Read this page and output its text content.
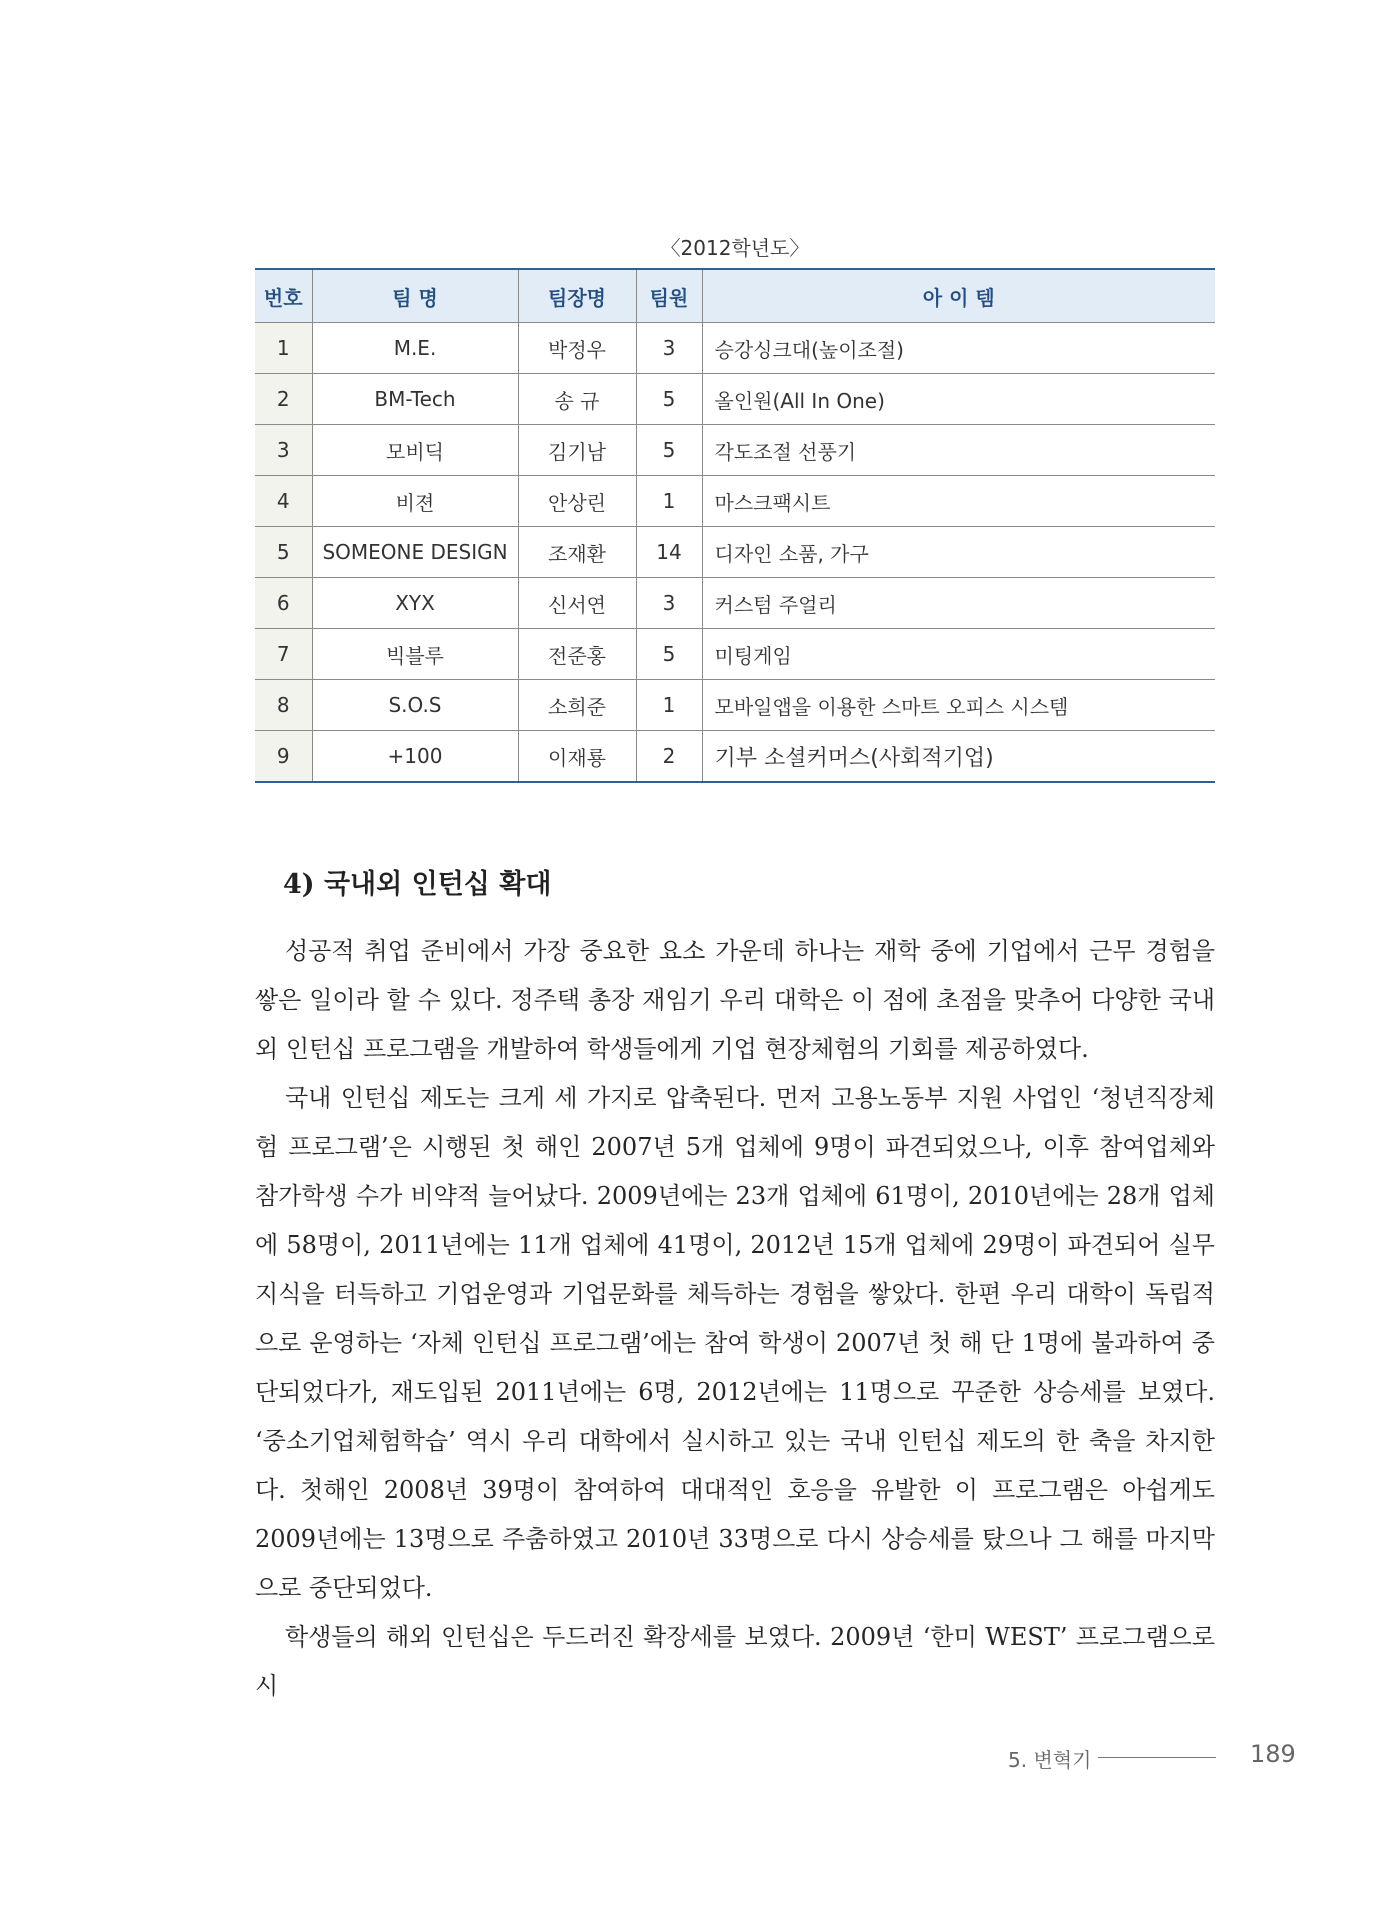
〈2012학년도〉
번호	팀 명	팀장명	팀원	아 이 템
1	M.E.	박정우	3	승강싱크대(높이조절)
2	BM-Tech	송 규	5	올인원(All In One)
3	모비딕	김기남	5	각도조절 선풍기
4	비젼	안상린	1	마스크팩시트
5	SOMEONE DESIGN	조재환	14	디자인 소품, 가구
6	XYX	신서연	3	커스텀 주얼리
7	빅블루	전준홍	5	미팅게임
8	S.O.S	소희준	1	모바일앱을 이용한 스마트 오피스 시스템
9	+100	이재룡	2	기부 소셜커머스(사회적기업)
4) 국내외 인턴십 확대

성공적 취업 준비에서 가장 중요한 요소 가운데 하나는 재학 중에 기업에서 근무 경험을 쌓은 일이라 할 수 있다. 정주택 총장 재임기 우리 대학은 이 점에 초점을 맞추어 다양한 국내외 인턴십 프로그램을 개발하여 학생들에게 기업 현장체험의 기회를 제공하였다.

국내 인턴십 제도는 크게 세 가지로 압축된다. 먼저 고용노동부 지원 사업인 ‘청년직장체험 프로그램’은 시행된 첫 해인 2007년 5개 업체에 9명이 파견되었으나, 이후 참여업체와 참가학생 수가 비약적 늘어났다. 2009년에는 23개 업체에 61명이, 2010년에는 28개 업체에 58명이, 2011년에는 11개 업체에 41명이, 2012년 15개 업체에 29명이 파견되어 실무지식을 터득하고 기업운영과 기업문화를 체득하는 경험을 쌓았다. 한편 우리 대학이 독립적으로 운영하는 ‘자체 인턴십 프로그램’에는 참여 학생이 2007년 첫 해 단 1명에 불과하여 중단되었다가, 재도입된 2011년에는 6명, 2012년에는 11명으로 꾸준한 상승세를 보였다. ‘중소기업체험학습’ 역시 우리 대학에서 실시하고 있는 국내 인턴십 제도의 한 축을 차지한다. 첫해인 2008년 39명이 참여하여 대대적인 호응을 유발한 이 프로그램은 아쉽게도 2009년에는 13명으로 주춤하였고 2010년 33명으로 다시 상승세를 탔으나 그 해를 마지막으로 중단되었다.

학생들의 해외 인턴십은 두드러진 확장세를 보였다. 2009년 ‘한미 WEST’ 프로그램으로 시

5. 변혁기	189
